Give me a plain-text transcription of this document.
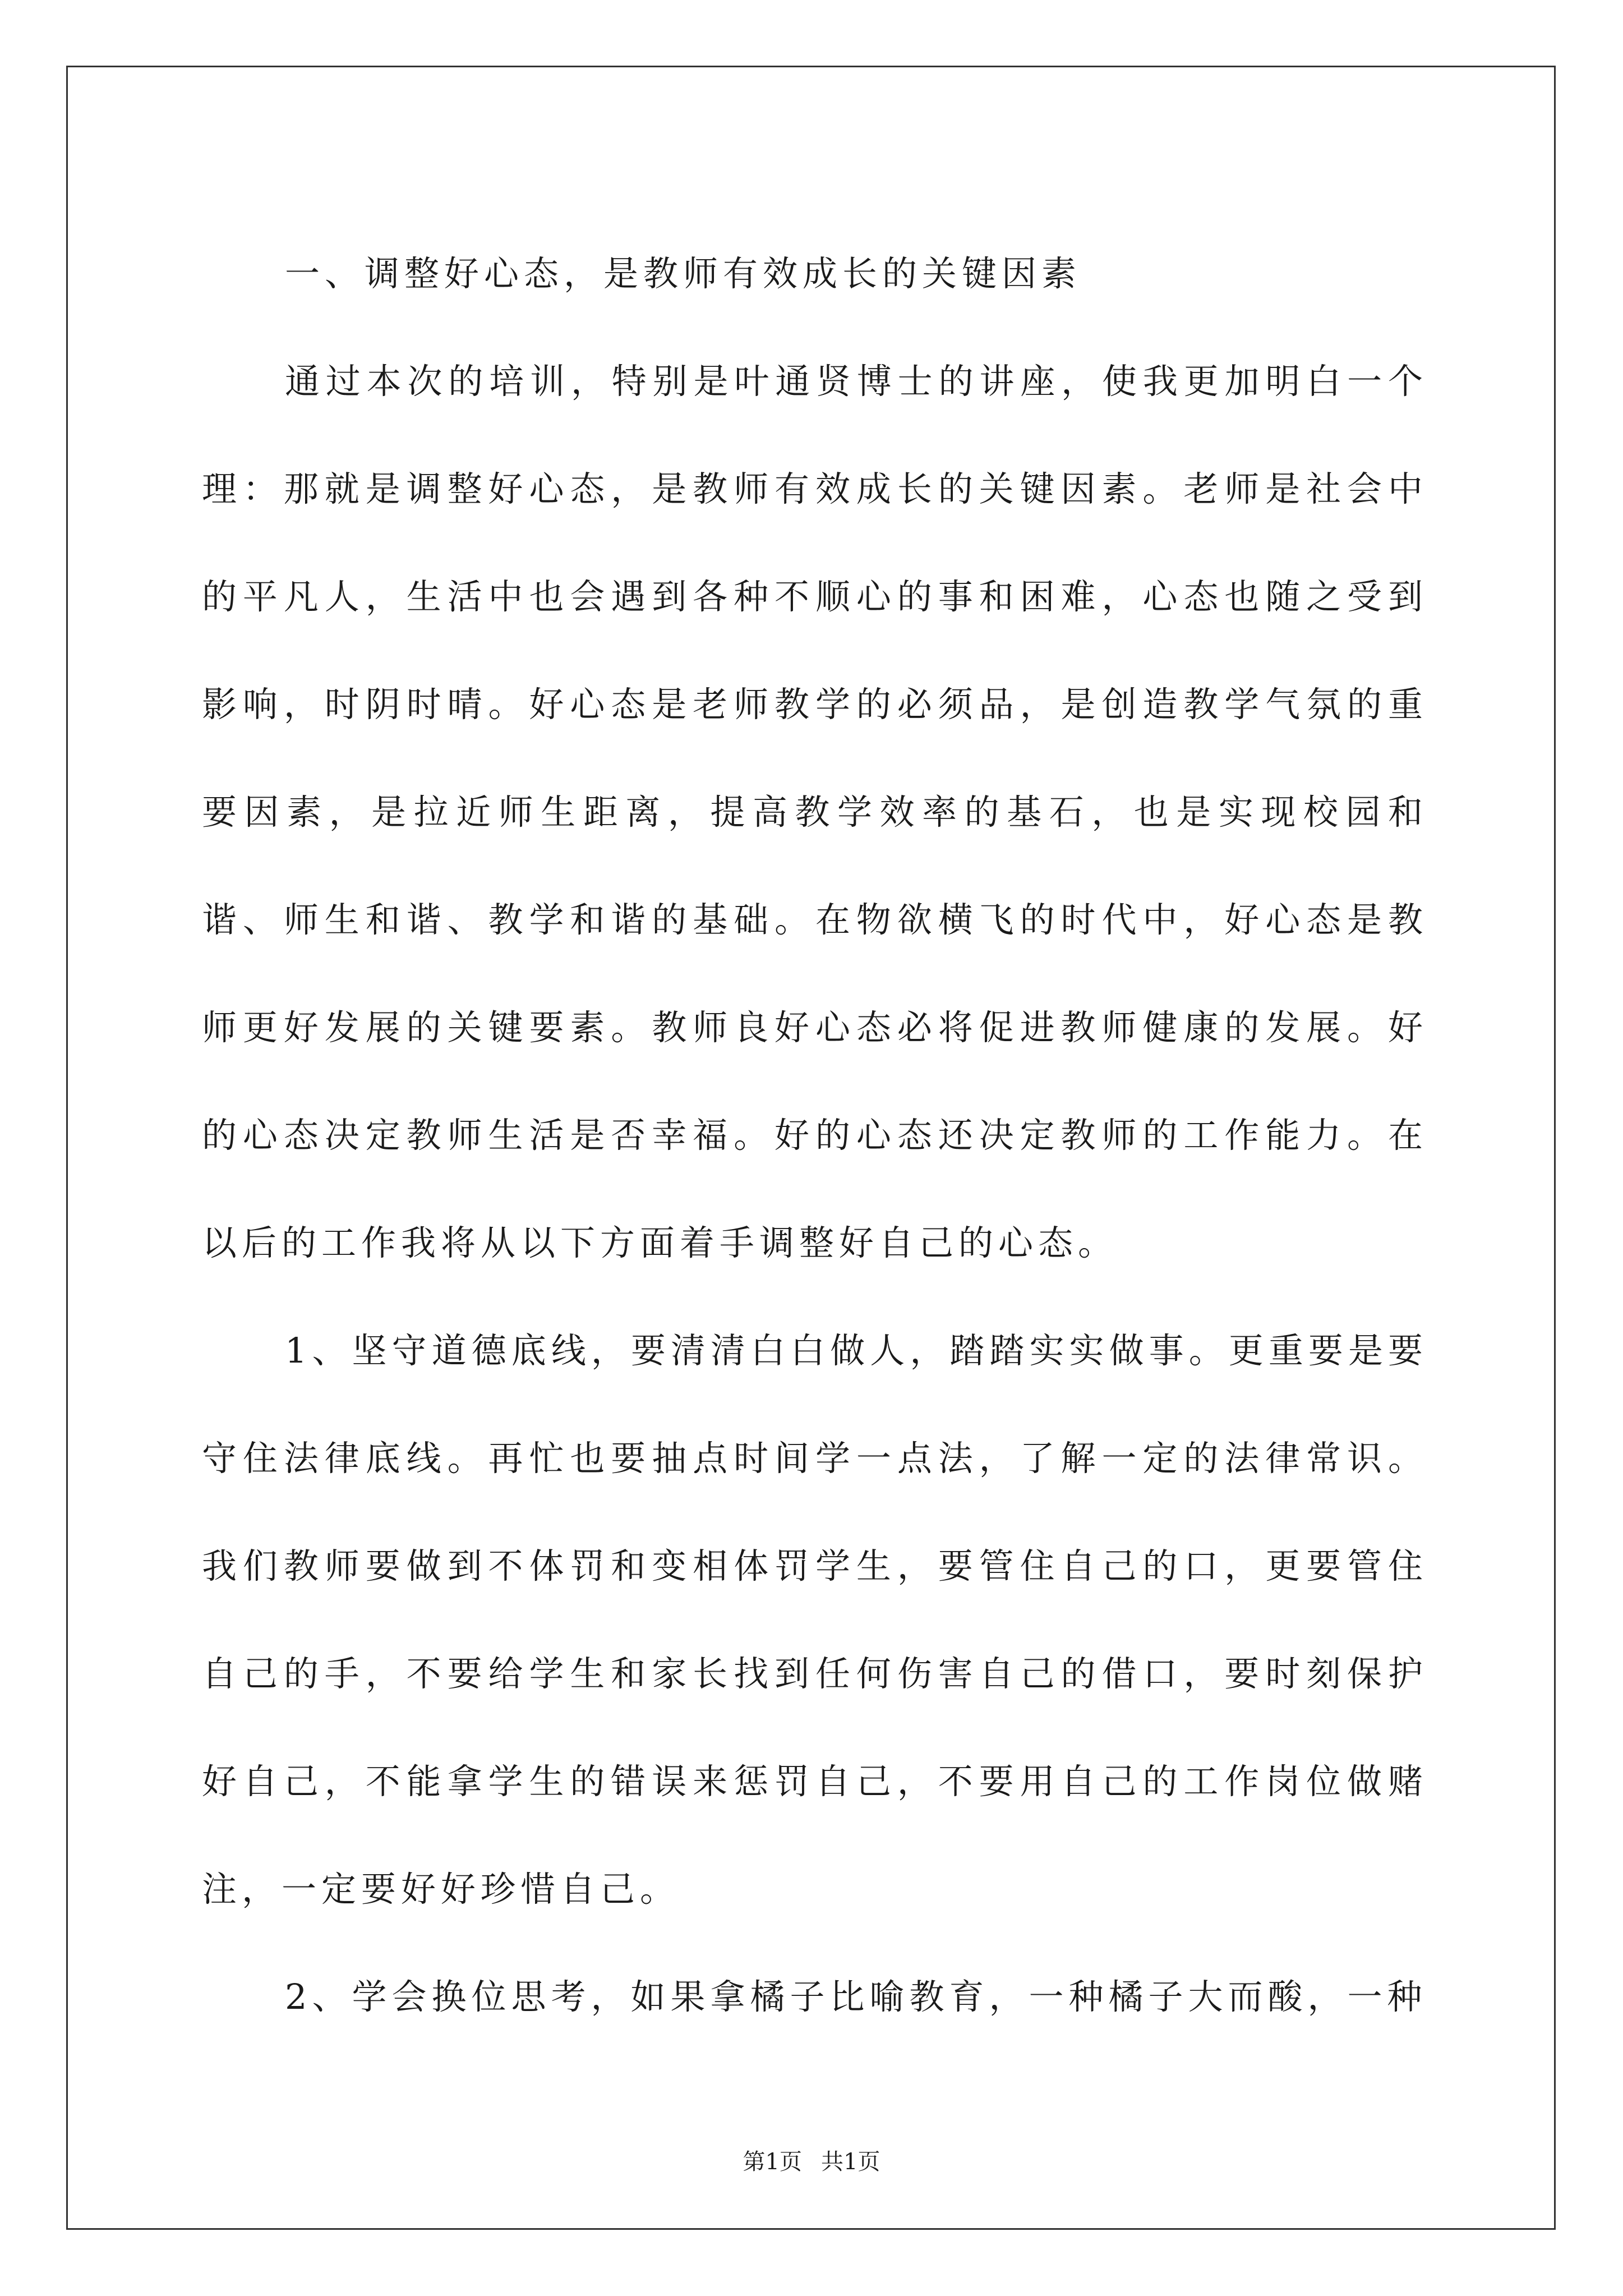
一、调整好心态，是教师有效成长的关键因素

通过本次的培训，特别是叶通贤博士的讲座，使我更加明白一个理：那就是调整好心态，是教师有效成长的关键因素。老师是社会中的平凡人，生活中也会遇到各种不顺心的事和困难，心态也随之受到影响，时阴时晴。好心态是老师教学的必须品，是创造教学气氛的重要因素，是拉近师生距离，提高教学效率的基石，也是实现校园和谐、师生和谐、教学和谐的基础。在物欲横飞的时代中，好心态是教师更好发展的关键要素。教师良好心态必将促进教师健康的发展。好的心态决定教师生活是否幸福。好的心态还决定教师的工作能力。在以后的工作我将从以下方面着手调整好自己的心态。

1、坚守道德底线，要清清白白做人，踏踏实实做事。更重要是要守住法律底线。再忙也要抽点时间学一点法，了解一定的法律常识。我们教师要做到不体罚和变相体罚学生，要管住自己的口，更要管住自己的手，不要给学生和家长找到任何伤害自己的借口，要时刻保护好自己，不能拿学生的错误来惩罚自己，不要用自己的工作岗位做赌注，一定要好好珍惜自己。

2、学会换位思考，如果拿橘子比喻教育，一种橘子大而酸，一种

第1页 共1页
